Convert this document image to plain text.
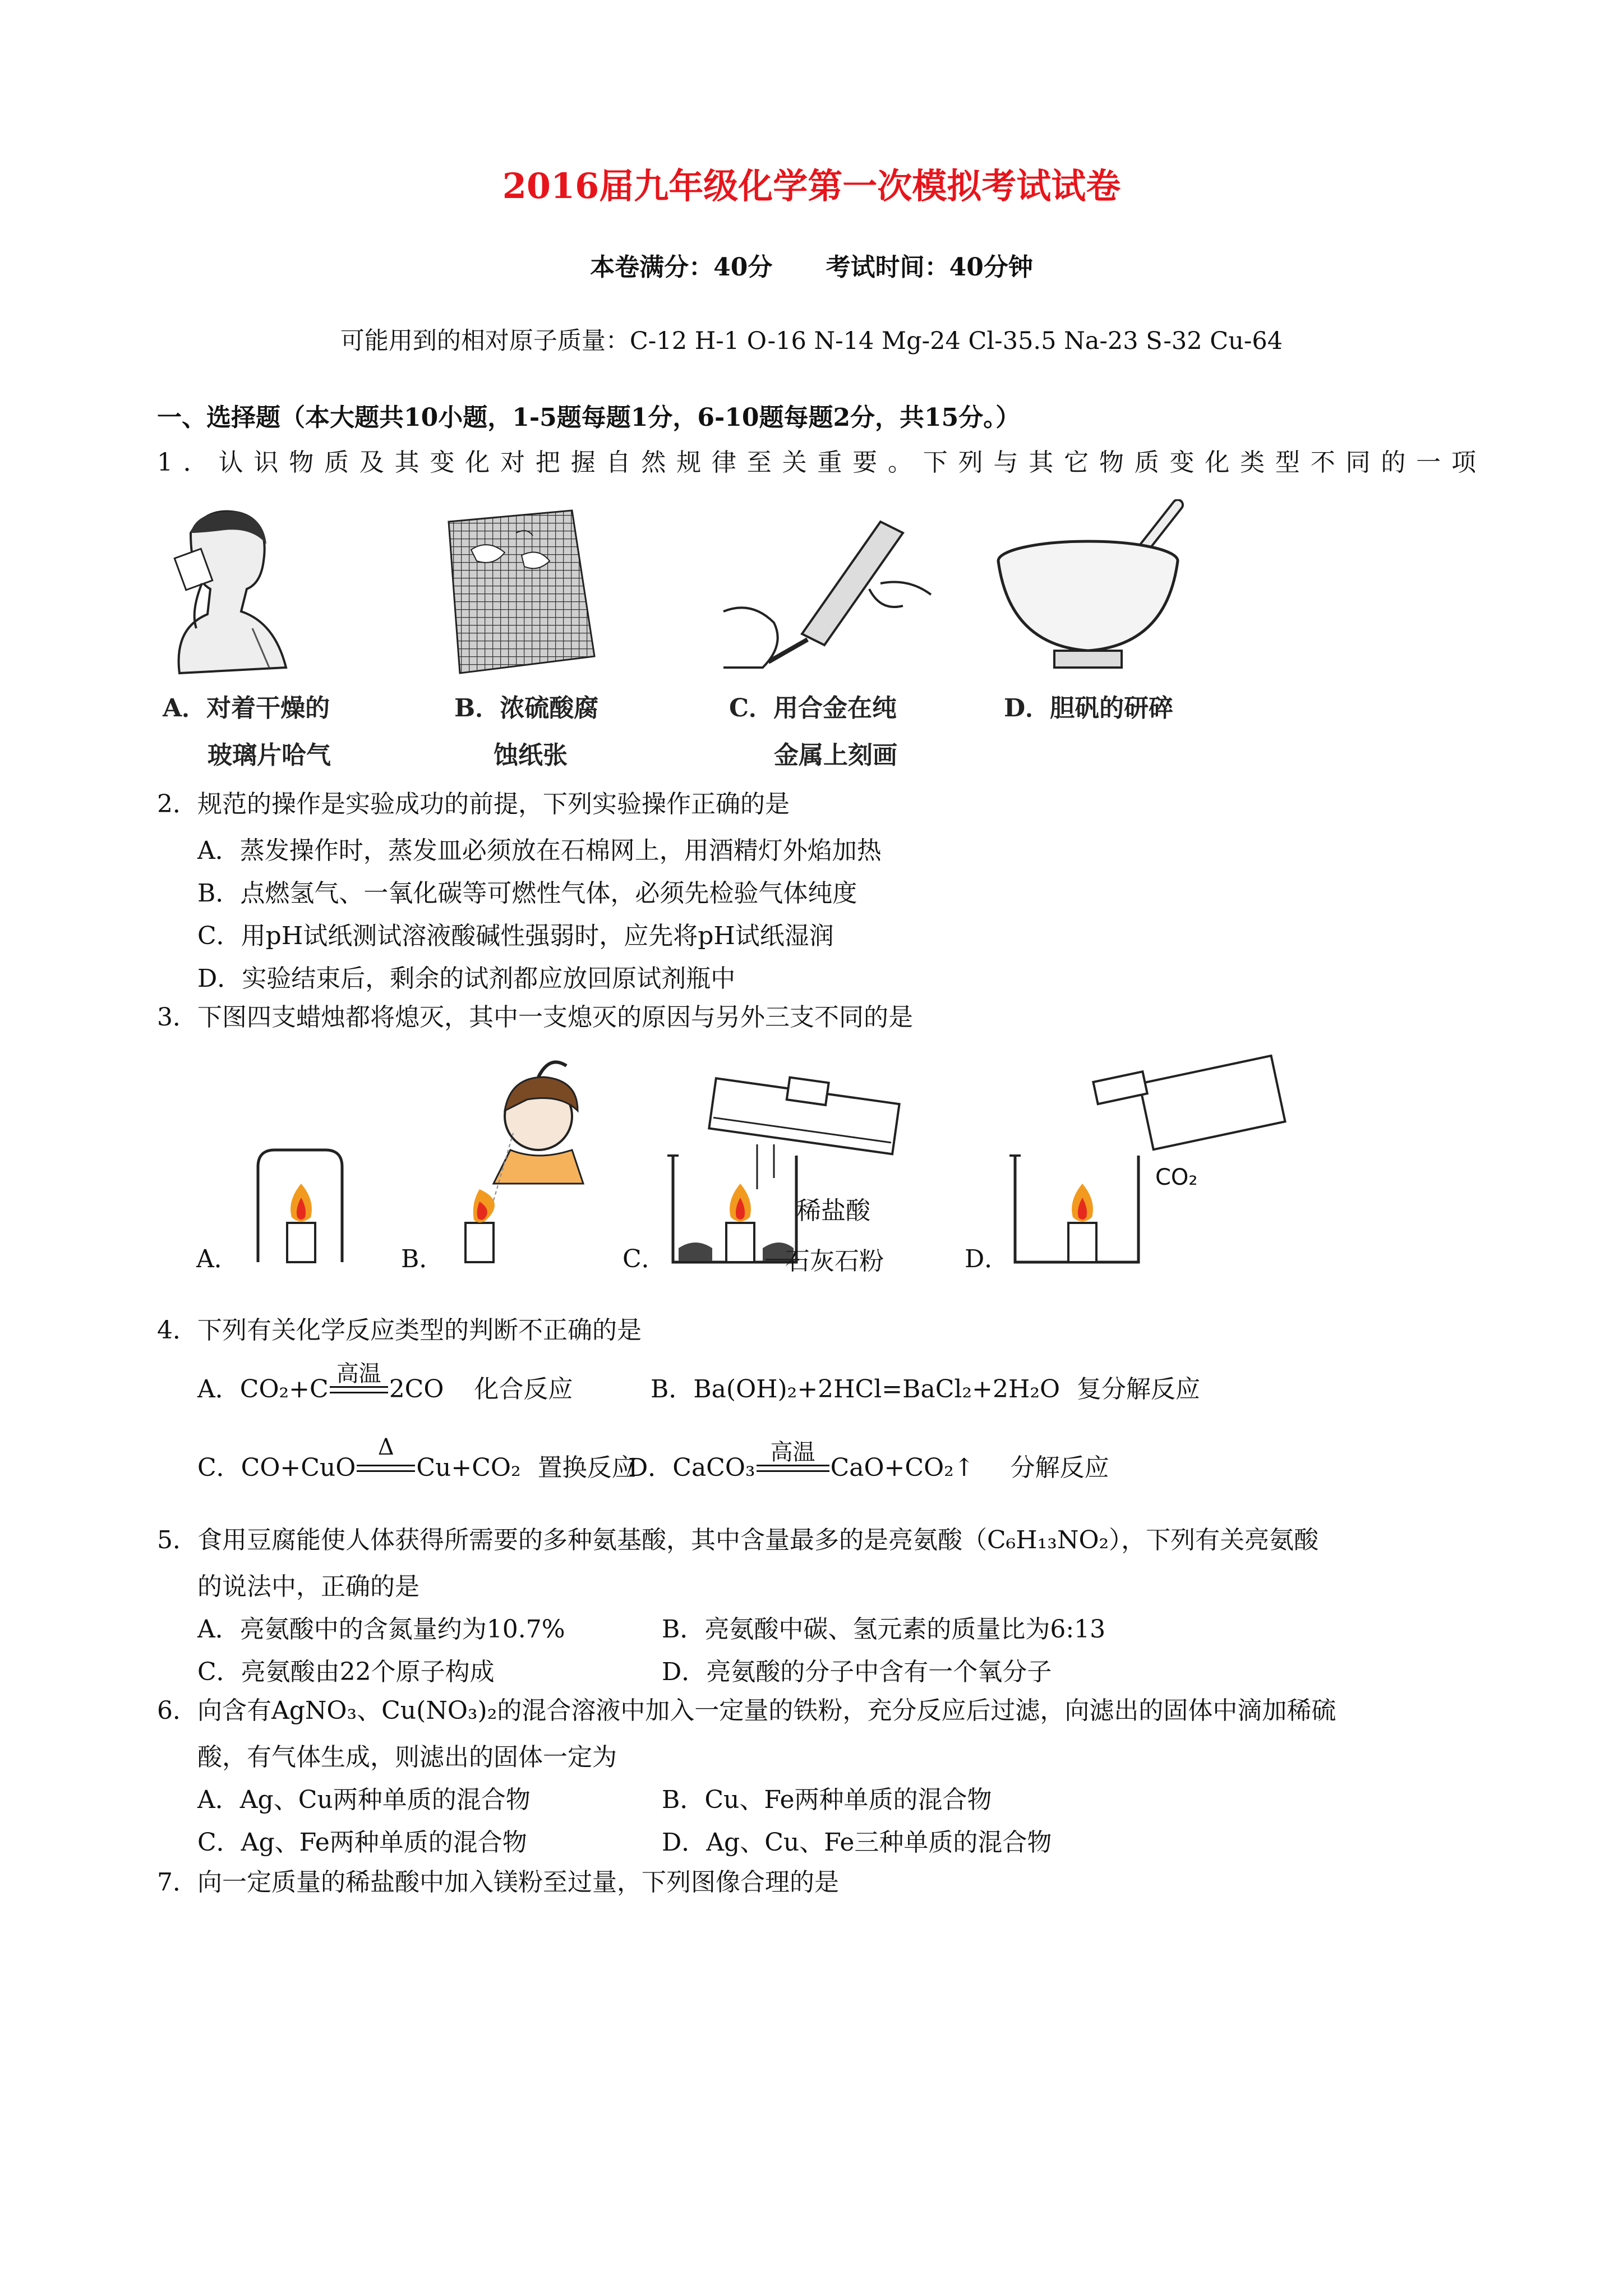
2016届九年级化学第一次模拟考试试卷
本卷满分：40分 考试时间：40分钟
可能用到的相对原子质量：C-12 H-1 O-16 N-14 Mg-24 Cl-35.5 Na-23 S-32 Cu-64
一、选择题（本大题共10小题，1-5题每题1分，6-10题每题2分，共15分。）
1．认识物质及其变化对把握自然规律至关重要。下列与其它物质变化类型不同的一项
A．对着干燥的
玻璃片哈气
B．浓硫酸腐
蚀纸张
C．用合金在纯
金属上刻画
D．胆矾的研碎
2．规范的操作是实验成功的前提，下列实验操作正确的是
A．蒸发操作时，蒸发皿必须放在石棉网上，用酒精灯外焰加热
B．点燃氢气、一氧化碳等可燃性气体，必须先检验气体纯度
C．用pH试纸测试溶液酸碱性强弱时，应先将pH试纸湿润
D．实验结束后，剩余的试剂都应放回原试剂瓶中
3．下图四支蜡烛都将熄灭，其中一支熄灭的原因与另外三支不同的是
A．	B．	C．	D．
稀盐酸
石灰石粉
CO₂
4．下列有关化学反应类型的判断不正确的是
A．CO₂+C
高温
2CO 化合反应	B．Ba(OH)₂+2HCl=BaCl₂+2H₂O 复分解反应
C．CO+CuO
Δ
Cu+CO₂ 置换反应
D．CaCO₃
高温
CaO+CO₂↑ 分解反应
5．食用豆腐能使人体获得所需要的多种氨基酸，其中含量最多的是亮氨酸（C₆H₁₃NO₂），下列有关亮氨酸
的说法中，正确的是
A．亮氨酸中的含氮量约为10.7%	B．亮氨酸中碳、氢元素的质量比为6:13
C．亮氨酸由22个原子构成	D．亮氨酸的分子中含有一个氧分子
6．向含有AgNO₃、Cu(NO₃)₂的混合溶液中加入一定量的铁粉，充分反应后过滤，向滤出的固体中滴加稀硫
酸，有气体生成，则滤出的固体一定为
A．Ag、Cu两种单质的混合物	B．Cu、Fe两种单质的混合物
C．Ag、Fe两种单质的混合物	D．Ag、Cu、Fe三种单质的混合物
7．向一定质量的稀盐酸中加入镁粉至过量，下列图像合理的是
